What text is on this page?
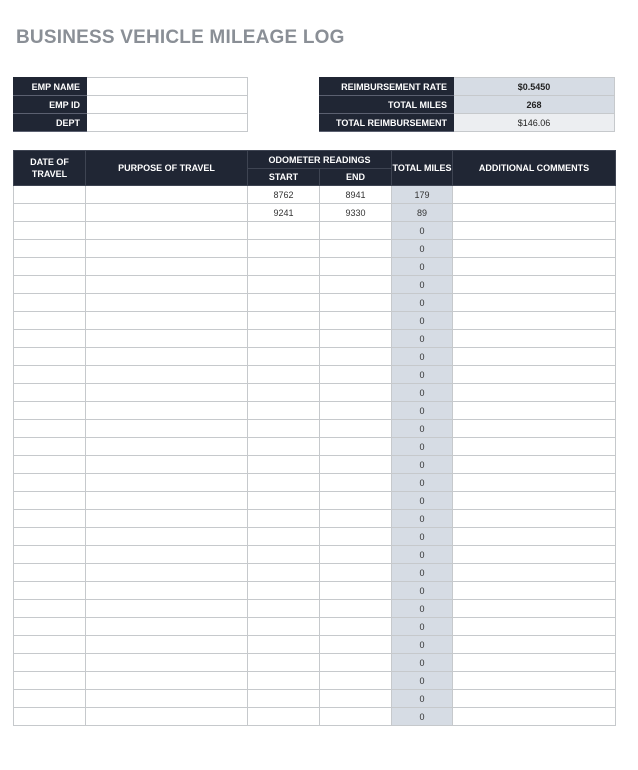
BUSINESS VEHICLE MILEAGE LOG
EMP NAME	
EMP ID	
DEPT	
REIMBURSEMENT RATE	$0.5450
TOTAL MILES	268
TOTAL REIMBURSEMENT	$146.06
DATE OF TRAVEL	PURPOSE OF TRAVEL	ODOMETER READINGS		TOTAL MILES	ADDITIONAL COMMENTS
		START	END		
		8762	8941	179	
		9241	9330	89	
				0	
				0	
				0	
				0	
				0	
				0	
				0	
				0	
				0	
				0	
				0	
				0	
				0	
				0	
				0	
				0	
				0	
				0	
				0	
				0	
				0	
				0	
				0	
				0	
				0	
				0	
				0	
				0	
